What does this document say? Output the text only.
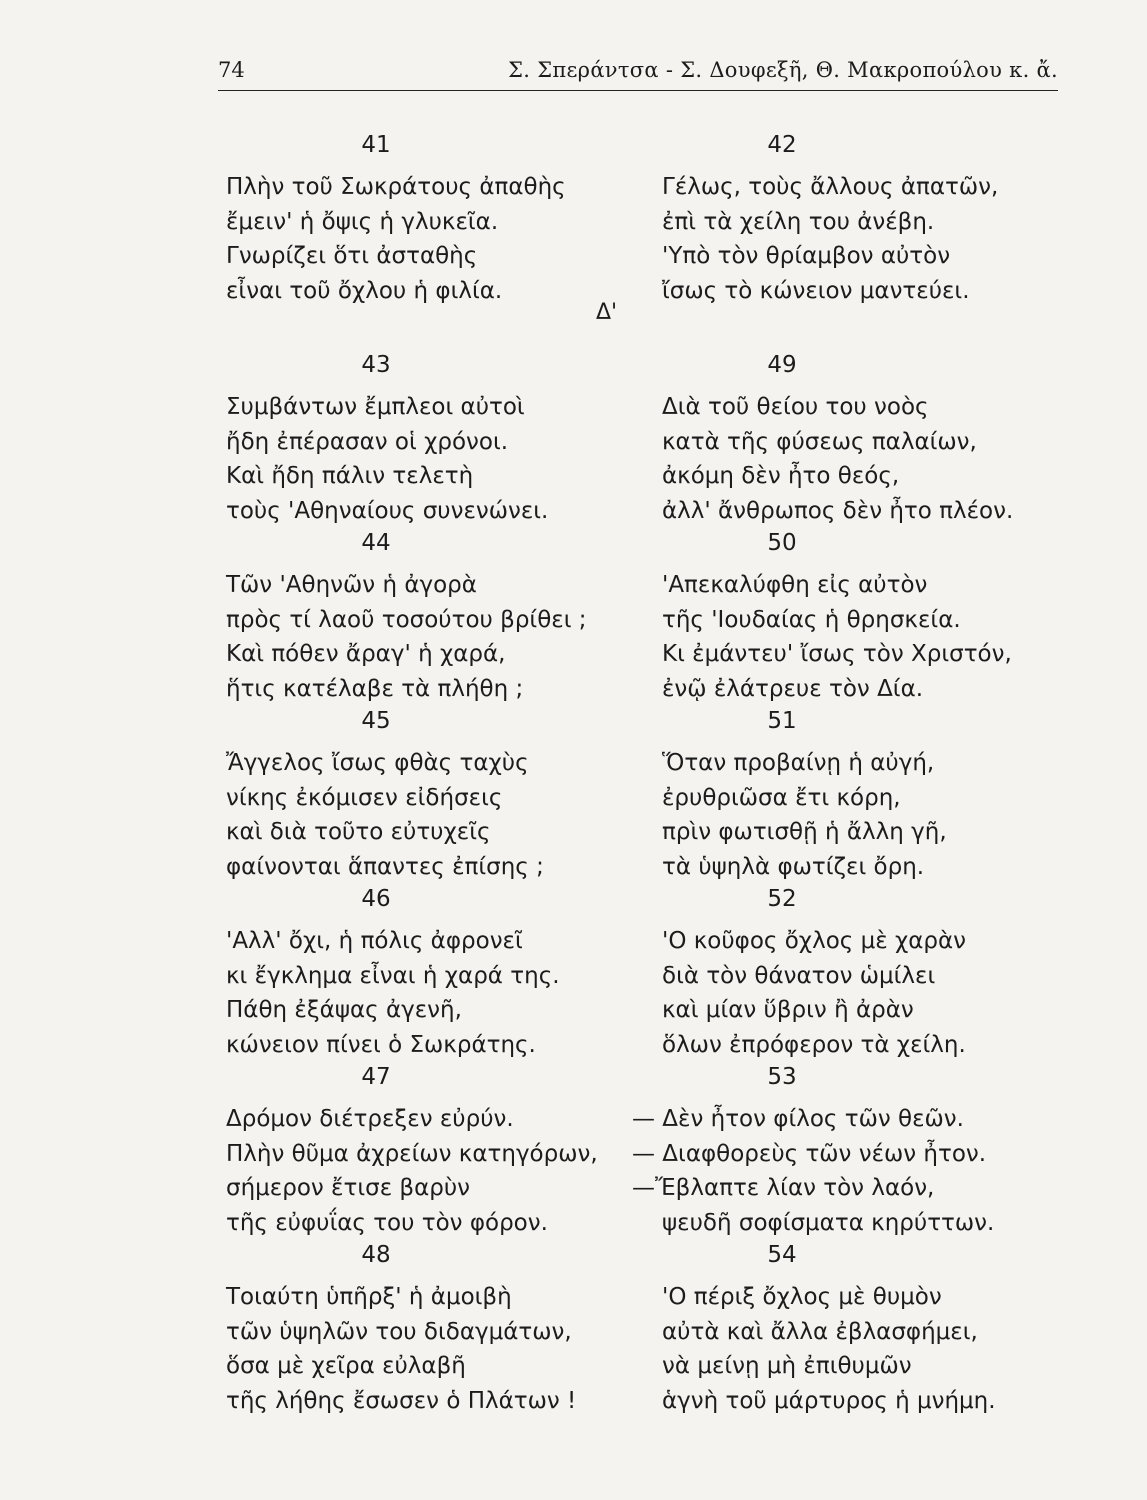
74	Σ. Σπεράντσα - Σ. Δουφεξῆ, Θ. Μακροπούλου κ. ἄ.
Δ'
41
Πλὴν τοῦ Σωκράτους ἀπαθὴς
ἔμειν' ἡ ὄψις ἡ γλυκεῖα.
Γνωρίζει ὅτι ἀσταθὴς
εἶναι τοῦ ὄχλου ἡ φιλία.
43
Συμβάντων ἔμπλεοι αὐτοὶ
ἤδη ἐπέρασαν οἱ χρόνοι.
Καὶ ἤδη πάλιν τελετὴ
τοὺς 'Αθηναίους συνενώνει.
44
Τῶν 'Αθηνῶν ἡ ἀγορὰ
πρὸς τί λαοῦ τοσούτου βρίθει ;
Καὶ πόθεν ἄραγ' ἡ χαρά,
ἥτις κατέλαβε τὰ πλήθη ;
45
Ἄγγελος ἴσως φθὰς ταχὺς
νίκης ἐκόμισεν εἰδήσεις
καὶ διὰ τοῦτο εὐτυχεῖς
φαίνονται ἅπαντες ἐπίσης ;
46
'Αλλ' ὄχι, ἡ πόλις ἀφρονεῖ
κι ἔγκλημα εἶναι ἡ χαρά της.
Πάθη ἐξάψας ἀγενῆ,
κώνειον πίνει ὁ Σωκράτης.
47
Δρόμον διέτρεξεν εὐρύν.
Πλὴν θῦμα ἀχρείων κατηγόρων,
σήμερον ἔτισε βαρὺν
τῆς εὐφυΐας του τὸν φόρον.
48
Τοιαύτη ὑπῆρξ' ἡ ἀμοιβὴ
τῶν ὑψηλῶν του διδαγμάτων,
ὅσα μὲ χεῖρα εὐλαβῆ
τῆς λήθης ἔσωσεν ὁ Πλάτων !
42
Γέλως, τοὺς ἄλλους ἀπατῶν,
ἐπὶ τὰ χείλη του ἀνέβη.
'Υπὸ τὸν θρίαμβον αὐτὸν
ἴσως τὸ κώνειον μαντεύει.
49
Διὰ τοῦ θείου του νοὸς
κατὰ τῆς φύσεως παλαίων,
ἀκόμη δὲν ἦτο θεός,
ἀλλ' ἄνθρωπος δὲν ἦτο πλέον.
50
'Απεκαλύφθη εἰς αὐτὸν
τῆς 'Ιουδαίας ἡ θρησκεία.
Κι ἐμάντευ' ἴσως τὸν Χριστόν,
ἐνῷ ἐλάτρευε τὸν Δία.
51
Ὅταν προβαίνῃ ἡ αὐγή,
ἐρυθριῶσα ἔτι κόρη,
πρὶν φωτισθῇ ἡ ἄλλη γῆ,
τὰ ὑψηλὰ φωτίζει ὄρη.
52
'Ο κοῦφος ὄχλος μὲ χαρὰν
διὰ τὸν θάνατον ὡμίλει
καὶ μίαν ὕβριν ἢ ἀρὰν
ὅλων ἐπρόφερον τὰ χείλη.
53
— Δὲν ἦτον φίλος τῶν θεῶν.
— Διαφθορεὺς τῶν νέων ἦτον.
—Ἔβλαπτε λίαν τὸν λαόν,
ψευδῆ σοφίσματα κηρύττων.
54
'Ο πέριξ ὄχλος μὲ θυμὸν
αὐτὰ καὶ ἄλλα ἐβλασφήμει,
νὰ μείνῃ μὴ ἐπιθυμῶν
ἁγνὴ τοῦ μάρτυρος ἡ μνήμη.
